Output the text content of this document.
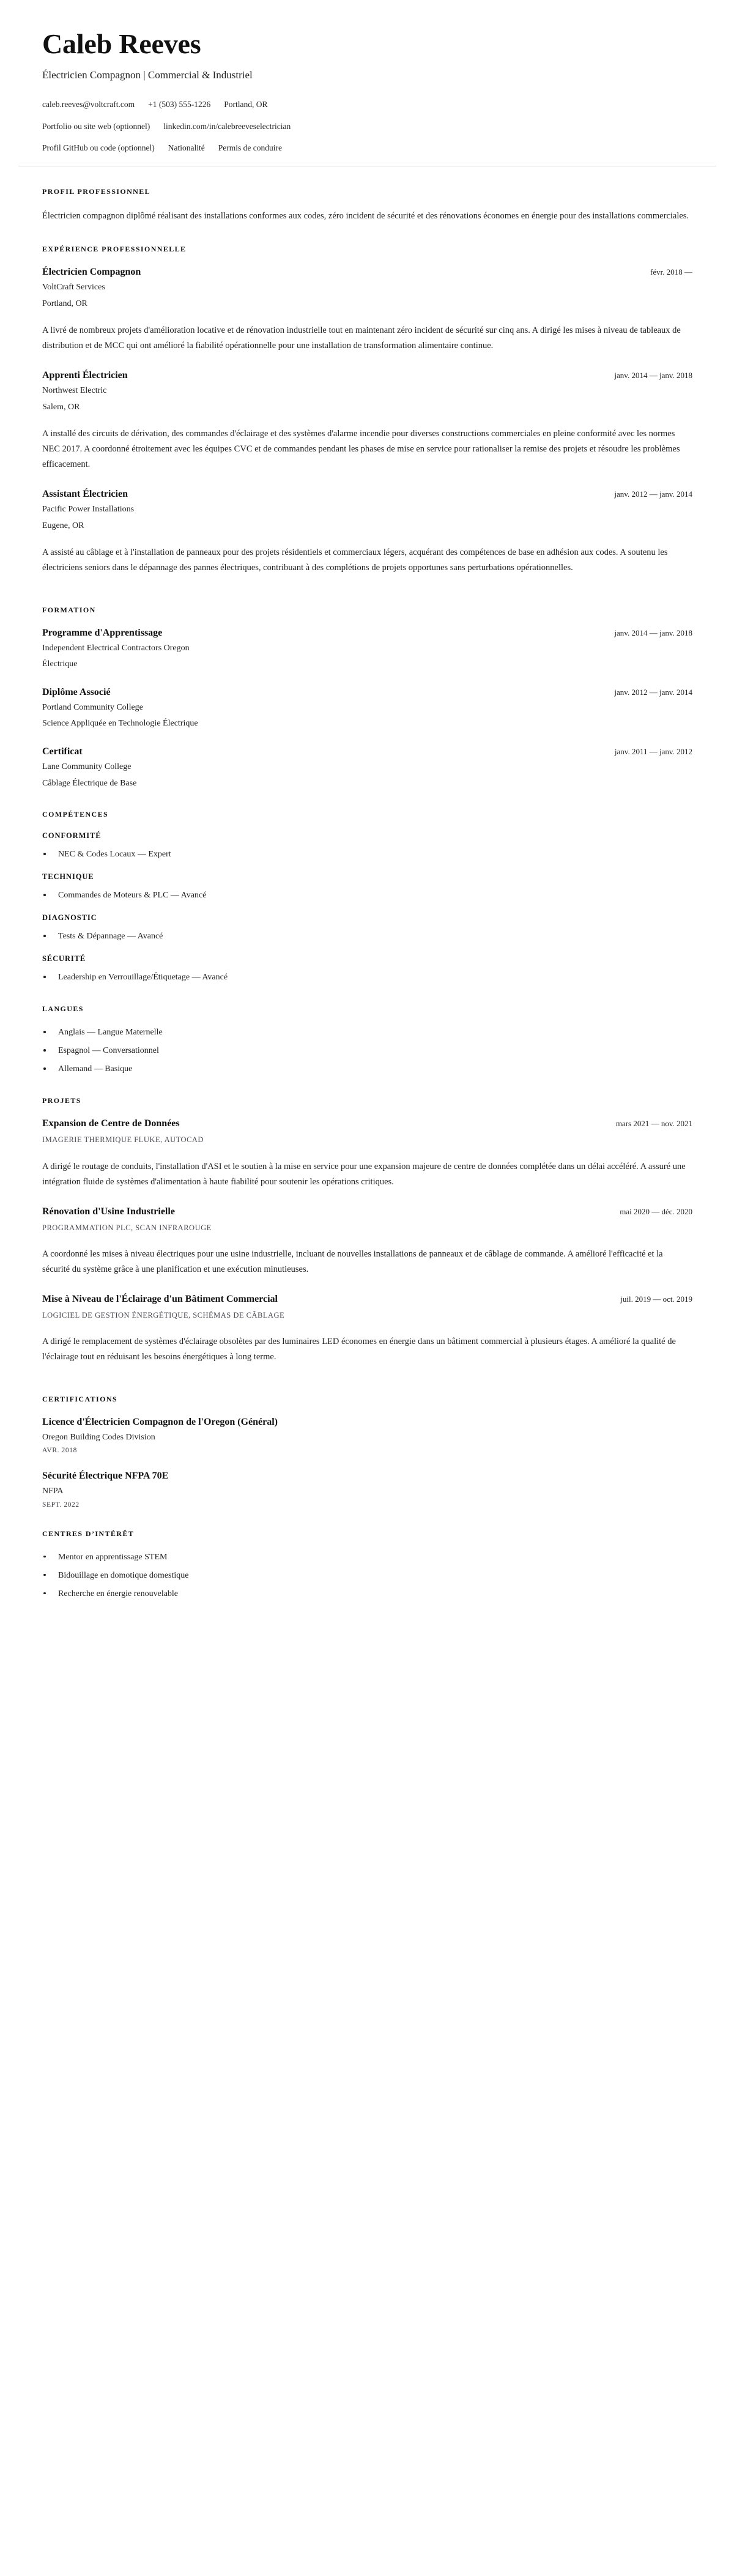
Caleb Reeves
Électricien Compagnon | Commercial & Industriel
caleb.reeves@voltcraft.com +1 (503) 555-1226 Portland, OR
Portfolio ou site web (optionnel) linkedin.com/in/calebreeveselectrician
Profil GitHub ou code (optionnel) Nationalité Permis de conduire
PROFIL PROFESSIONNEL

Électricien compagnon diplômé réalisant des installations conformes aux codes, zéro incident de sécurité et des rénovations économes en énergie pour des installations commerciales.

EXPÉRIENCE PROFESSIONNELLE
Électricien Compagnon	févr. 2018 —
VoltCraft Services
Portland, OR

A livré de nombreux projets d'amélioration locative et de rénovation industrielle tout en maintenant zéro incident de sécurité sur cinq ans. A dirigé les mises à niveau de tableaux de distribution et de MCC qui ont amélioré la fiabilité opérationnelle pour une installation de transformation alimentaire continue.

Apprenti Électricien	janv. 2014 — janv. 2018
Northwest Electric
Salem, OR

A installé des circuits de dérivation, des commandes d'éclairage et des systèmes d'alarme incendie pour diverses constructions commerciales en pleine conformité avec les normes NEC 2017. A coordonné étroitement avec les équipes CVC et de commandes pendant les phases de mise en service pour rationaliser la remise des projets et résoudre les problèmes efficacement.

Assistant Électricien	janv. 2012 — janv. 2014
Pacific Power Installations
Eugene, OR

A assisté au câblage et à l'installation de panneaux pour des projets résidentiels et commerciaux légers, acquérant des compétences de base en adhésion aux codes. A soutenu les électriciens seniors dans le dépannage des pannes électriques, contribuant à des complétions de projets opportunes sans perturbations opérationnelles.

FORMATION
Programme d'Apprentissage	janv. 2014 — janv. 2018
Independent Electrical Contractors Oregon
Électrique
Diplôme Associé	janv. 2012 — janv. 2014
Portland Community College
Science Appliquée en Technologie Électrique
Certificat	janv. 2011 — janv. 2012
Lane Community College
Câblage Électrique de Base
COMPÉTENCES
CONFORMITÉ
NEC & Codes Locaux — Expert
TECHNIQUE
Commandes de Moteurs & PLC — Avancé
DIAGNOSTIC
Tests & Dépannage — Avancé
SÉCURITÉ
Leadership en Verrouillage/Étiquetage — Avancé
LANGUES
Anglais — Langue Maternelle
Espagnol — Conversationnel
Allemand — Basique
PROJETS
Expansion de Centre de Données	mars 2021 — nov. 2021
IMAGERIE THERMIQUE FLUKE, AUTOCAD

A dirigé le routage de conduits, l'installation d'ASI et le soutien à la mise en service pour une expansion majeure de centre de données complétée dans un délai accéléré. A assuré une intégration fluide de systèmes d'alimentation à haute fiabilité pour soutenir les opérations critiques.

Rénovation d'Usine Industrielle	mai 2020 — déc. 2020
PROGRAMMATION PLC, SCAN INFRAROUGE

A coordonné les mises à niveau électriques pour une usine industrielle, incluant de nouvelles installations de panneaux et de câblage de commande. A amélioré l'efficacité et la sécurité du système grâce à une planification et une exécution minutieuses.

Mise à Niveau de l'Éclairage d'un Bâtiment Commercial	juil. 2019 — oct. 2019
LOGICIEL DE GESTION ÉNERGÉTIQUE, SCHÉMAS DE CÂBLAGE

A dirigé le remplacement de systèmes d'éclairage obsolètes par des luminaires LED économes en énergie dans un bâtiment commercial à plusieurs étages. A amélioré la qualité de l'éclairage tout en réduisant les besoins énergétiques à long terme.

CERTIFICATIONS
Licence d'Électricien Compagnon de l'Oregon (Général)
Oregon Building Codes Division
AVR. 2018
Sécurité Électrique NFPA 70E
NFPA
SEPT. 2022
CENTRES D’INTÉRÊT
Mentor en apprentissage STEM
Bidouillage en domotique domestique
Recherche en énergie renouvelable
